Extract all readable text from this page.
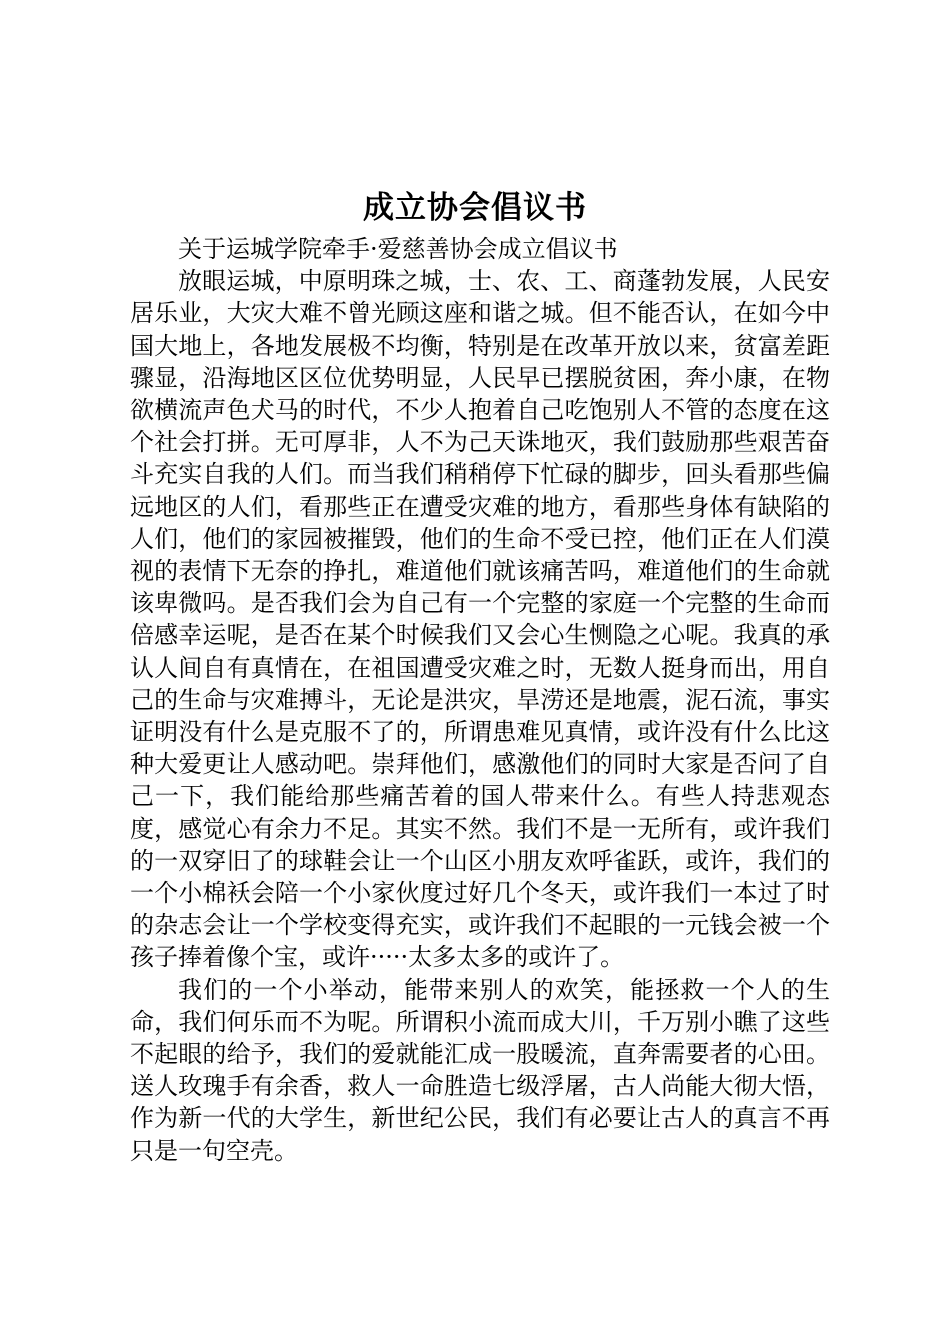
成立协会倡议书

关于运城学院牵手·爱慈善协会成立倡议书

放眼运城，中原明珠之城，士、农、工、商蓬勃发展，人民安居乐业，大灾大难不曾光顾这座和谐之城。但不能否认，在如今中国大地上，各地发展极不均衡，特别是在改革开放以来，贫富差距骤显，沿海地区区位优势明显，人民早已摆脱贫困，奔小康，在物欲横流声色犬马的时代，不少人抱着自己吃饱别人不管的态度在这个社会打拼。无可厚非，人不为己天诛地灭，我们鼓励那些艰苦奋斗充实自我的人们。而当我们稍稍停下忙碌的脚步，回头看那些偏远地区的人们，看那些正在遭受灾难的地方，看那些身体有缺陷的人们，他们的家园被摧毁，他们的生命不受已控，他们正在人们漠视的表情下无奈的挣扎，难道他们就该痛苦吗，难道他们的生命就该卑微吗。是否我们会为自己有一个完整的家庭一个完整的生命而倍感幸运呢，是否在某个时候我们又会心生恻隐之心呢。我真的承认人间自有真情在，在祖国遭受灾难之时，无数人挺身而出，用自己的生命与灾难搏斗，无论是洪灾，旱涝还是地震，泥石流，事实证明没有什么是克服不了的，所谓患难见真情，或许没有什么比这种大爱更让人感动吧。崇拜他们，感激他们的同时大家是否问了自己一下，我们能给那些痛苦着的国人带来什么。有些人持悲观态度，感觉心有余力不足。其实不然。我们不是一无所有，或许我们的一双穿旧了的球鞋会让一个山区小朋友欢呼雀跃，或许，我们的一个小棉袄会陪一个小家伙度过好几个冬天，或许我们一本过了时的杂志会让一个学校变得充实，或许我们不起眼的一元钱会被一个孩子捧着像个宝，或许·····太多太多的或许了。

我们的一个小举动，能带来别人的欢笑，能拯救一个人的生命，我们何乐而不为呢。所谓积小流而成大川，千万别小瞧了这些不起眼的给予，我们的爱就能汇成一股暖流，直奔需要者的心田。送人玫瑰手有余香，救人一命胜造七级浮屠，古人尚能大彻大悟，作为新一代的大学生，新世纪公民，我们有必要让古人的真言不再只是一句空壳。
